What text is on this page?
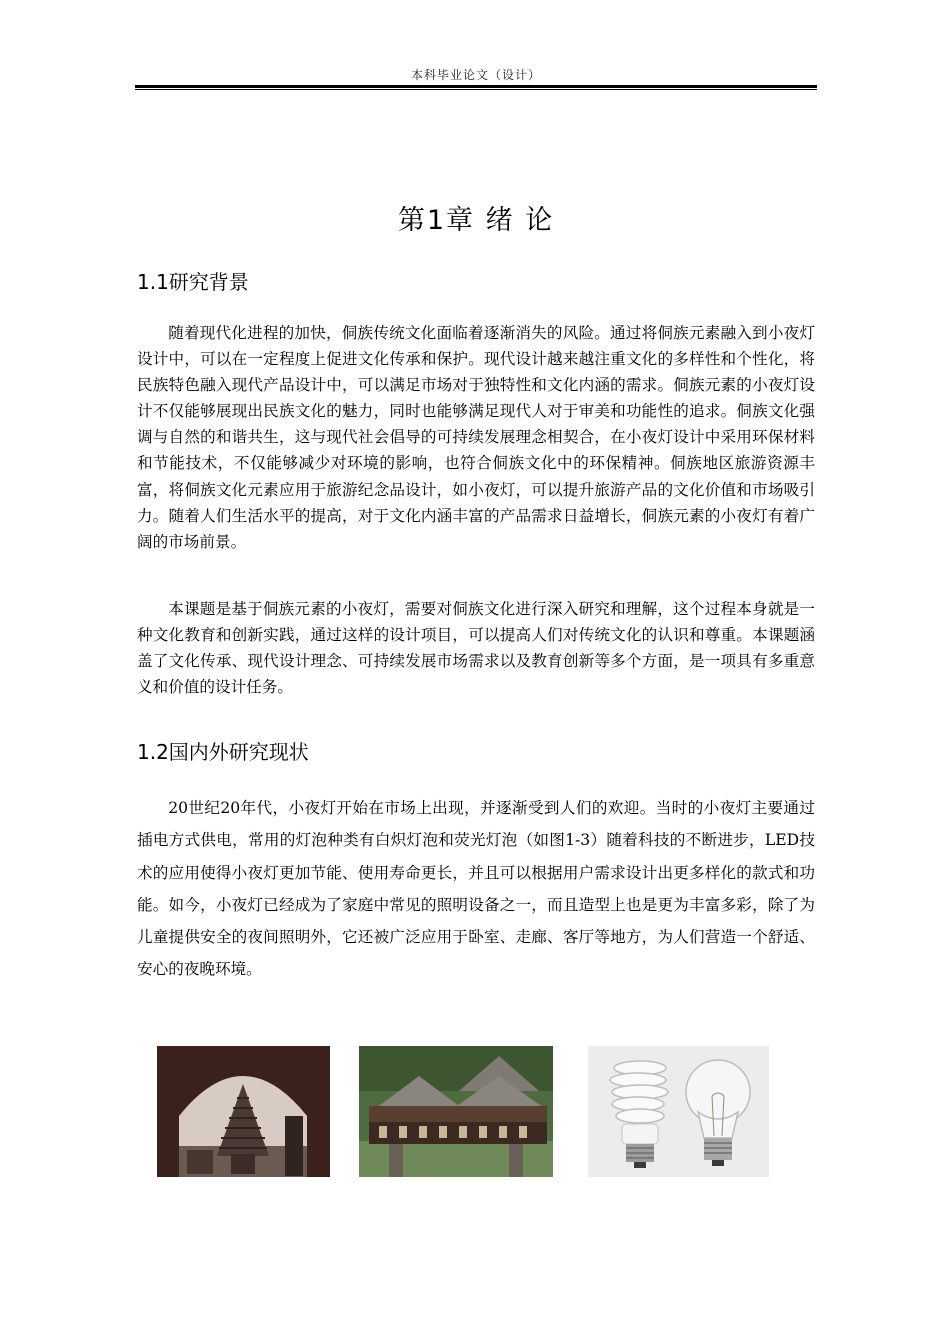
本科毕业论文（设计）
第1章 绪 论
1.1研究背景

随着现代化进程的加快，侗族传统文化面临着逐渐消失的风险。通过将侗族元素融入到小夜灯设计中，可以在一定程度上促进文化传承和保护。现代设计越来越注重文化的多样性和个性化，将民族特色融入现代产品设计中，可以满足市场对于独特性和文化内涵的需求。侗族元素的小夜灯设计不仅能够展现出民族文化的魅力，同时也能够满足现代人对于审美和功能性的追求。侗族文化强调与自然的和谐共生，这与现代社会倡导的可持续发展理念相契合，在小夜灯设计中采用环保材料和节能技术，不仅能够减少对环境的影响，也符合侗族文化中的环保精神。侗族地区旅游资源丰富，将侗族文化元素应用于旅游纪念品设计，如小夜灯，可以提升旅游产品的文化价值和市场吸引力。随着人们生活水平的提高，对于文化内涵丰富的产品需求日益增长，侗族元素的小夜灯有着广阔的市场前景。

本课题是基于侗族元素的小夜灯，需要对侗族文化进行深入研究和理解，这个过程本身就是一种文化教育和创新实践，通过这样的设计项目，可以提高人们对传统文化的认识和尊重。本课题涵盖了文化传承、现代设计理念、可持续发展市场需求以及教育创新等多个方面，是一项具有多重意义和价值的设计任务。

1.2国内外研究现状

20世纪20年代，小夜灯开始在市场上出现，并逐渐受到人们的欢迎。当时的小夜灯主要通过插电方式供电，常用的灯泡种类有白炽灯泡和荧光灯泡（如图1-3）随着科技的不断进步，LED技术的应用使得小夜灯更加节能、使用寿命更长，并且可以根据用户需求设计出更多样化的款式和功能。如今，小夜灯已经成为了家庭中常见的照明设备之一，而且造型上也是更为丰富多彩，除了为儿童提供安全的夜间照明外，它还被广泛应用于卧室、走廊、客厅等地方，为人们营造一个舒适、安心的夜晚环境。
